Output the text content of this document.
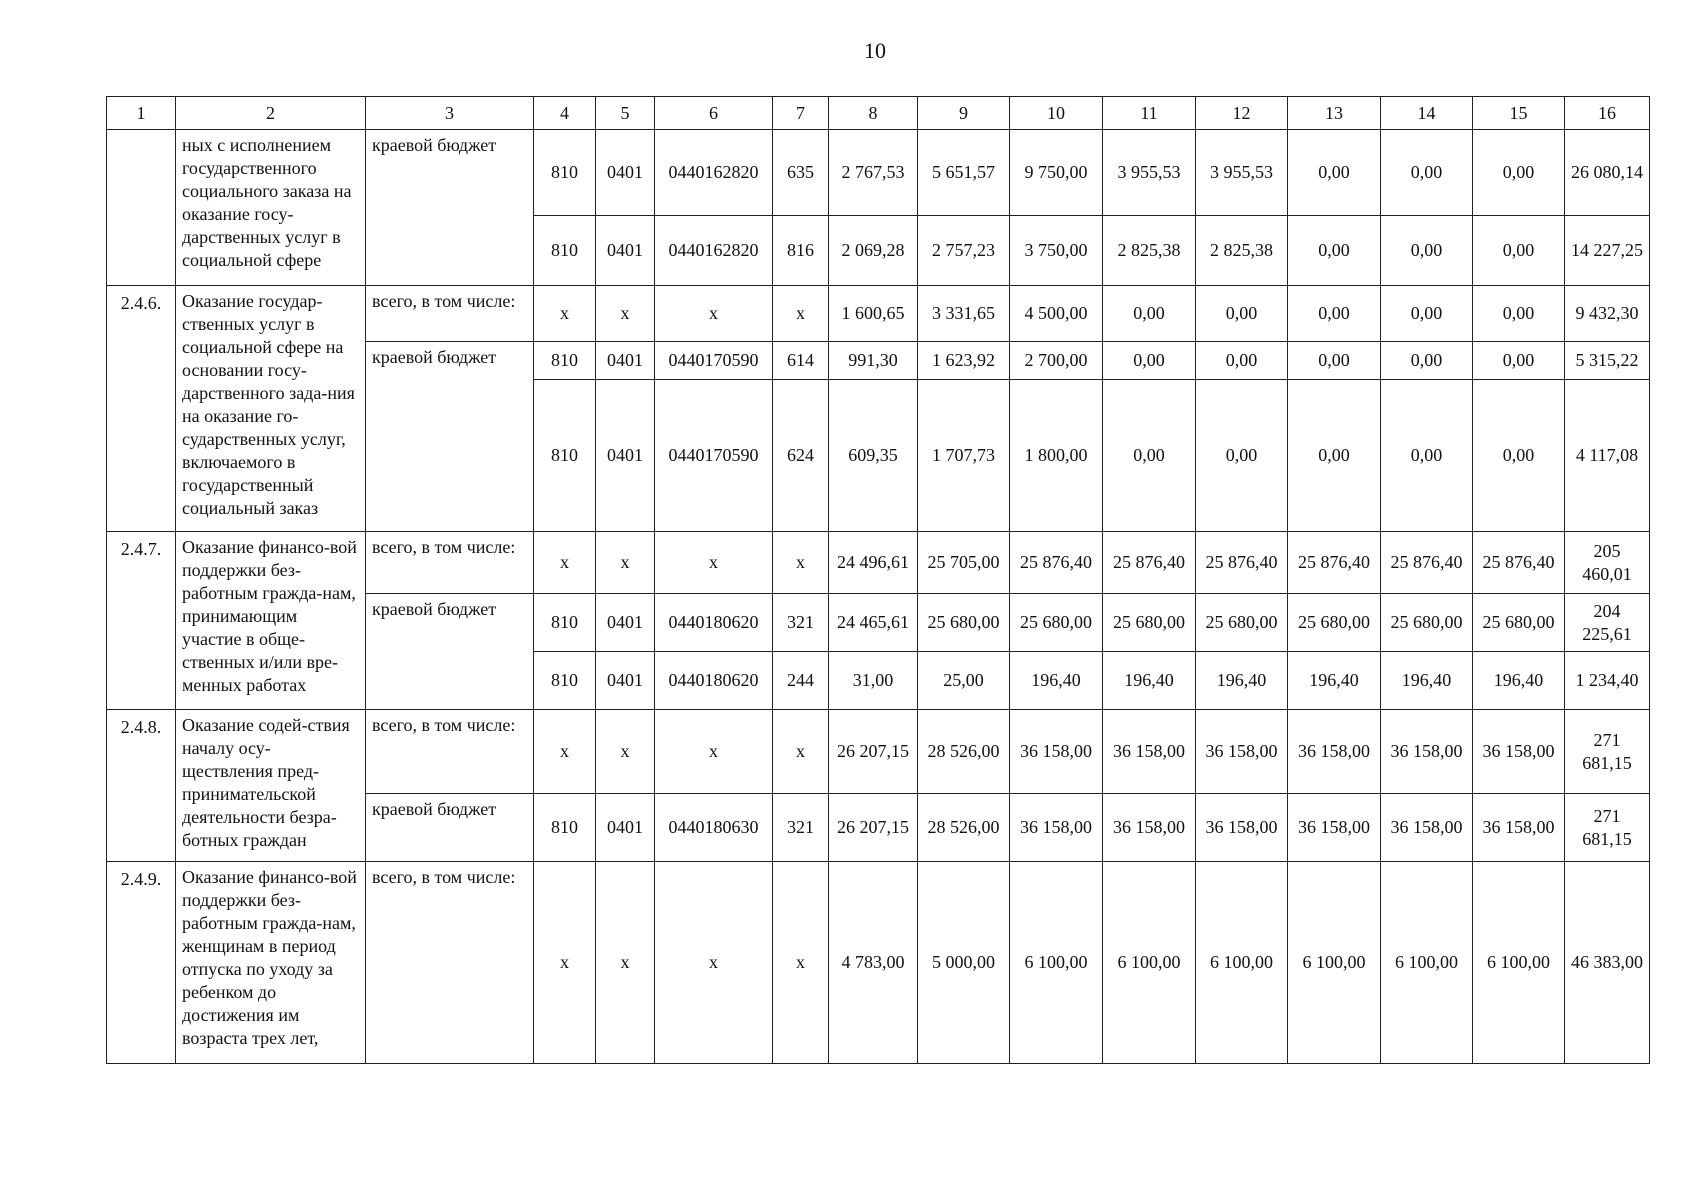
10
1	2	3	4	5	6	7	8	9	10	11	12	13	14	15	16
	ных с исполнением государственного социального заказа на оказание госу-дарственных услуг в социальной сфере	краевой бюджет	810	0401	0440162820	635	2 767,53	5 651,57	9 750,00	3 955,53	3 955,53	0,00	0,00	0,00	26 080,14
			810	0401	0440162820	816	2 069,28	2 757,23	3 750,00	2 825,38	2 825,38	0,00	0,00	0,00	14 227,25
2.4.6.	Оказание государ-ственных услуг в социальной сфере на основании госу-дарственного зада-ния на оказание го-сударственных услуг, включаемого в государственный социальный заказ	всего, в том числе:	x	x	x	x	1 600,65	3 331,65	4 500,00	0,00	0,00	0,00	0,00	0,00	9 432,30
		краевой бюджет	810	0401	0440170590	614	991,30	1 623,92	2 700,00	0,00	0,00	0,00	0,00	0,00	5 315,22
			810	0401	0440170590	624	609,35	1 707,73	1 800,00	0,00	0,00	0,00	0,00	0,00	4 117,08
2.4.7.	Оказание финансо-вой поддержки без-работным гражда-нам, принимающим участие в обще-ственных и/или вре-менных работах	всего, в том числе:	x	x	x	x	24 496,61	25 705,00	25 876,40	25 876,40	25 876,40	25 876,40	25 876,40	25 876,40	205 460,01
		краевой бюджет	810	0401	0440180620	321	24 465,61	25 680,00	25 680,00	25 680,00	25 680,00	25 680,00	25 680,00	25 680,00	204 225,61
			810	0401	0440180620	244	31,00	25,00	196,40	196,40	196,40	196,40	196,40	196,40	1 234,40
2.4.8.	Оказание содей-ствия началу осу-ществления пред-принимательской деятельности безра-ботных граждан	всего, в том числе:	x	x	x	x	26 207,15	28 526,00	36 158,00	36 158,00	36 158,00	36 158,00	36 158,00	36 158,00	271 681,15
		краевой бюджет	810	0401	0440180630	321	26 207,15	28 526,00	36 158,00	36 158,00	36 158,00	36 158,00	36 158,00	36 158,00	271 681,15
2.4.9.	Оказание финансо-вой поддержки без-работным гражда-нам, женщинам в период отпуска по уходу за ребенком до достижения им возраста трех лет,	всего, в том числе:	x	x	x	x	4 783,00	5 000,00	6 100,00	6 100,00	6 100,00	6 100,00	6 100,00	6 100,00	46 383,00
